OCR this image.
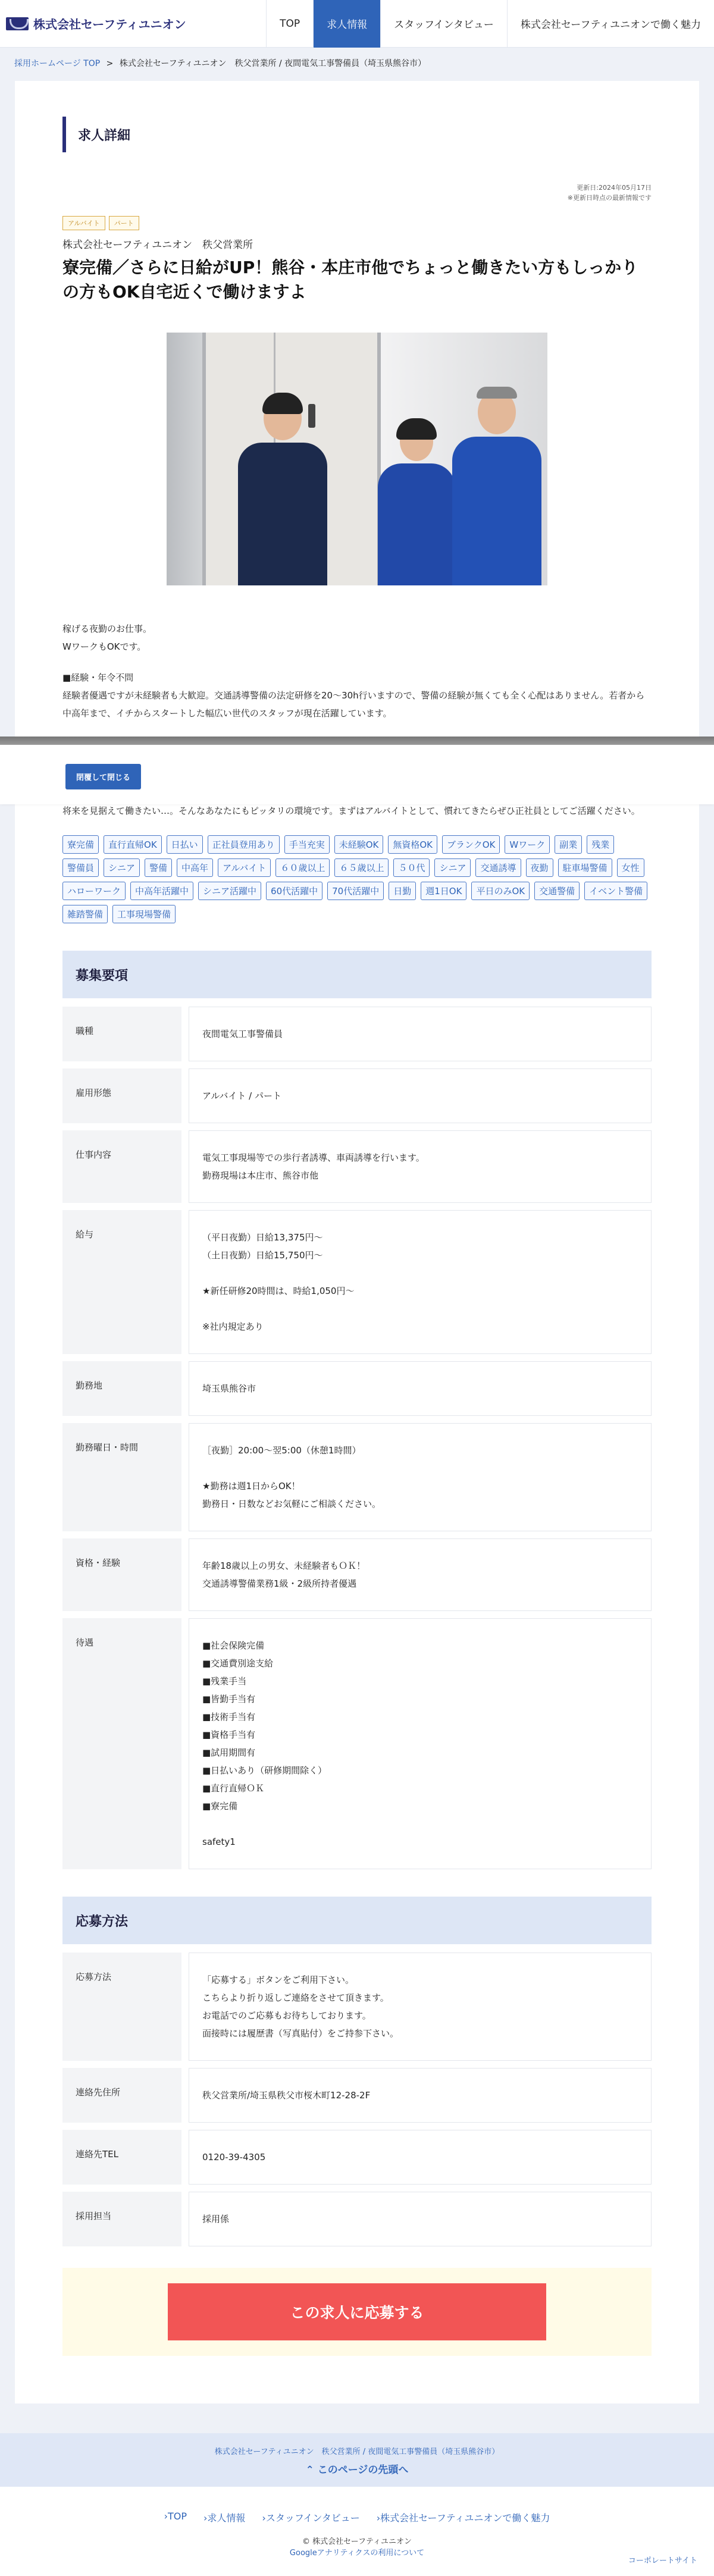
株式会社セーフティユニオン	TOP	求人情報	スタッフインタビュー	株式会社セーフティユニオンで働く魅力
採用ホームページ TOP > 株式会社セーフティユニオン　秩父営業所 / 夜間電気工事警備員（埼玉県熊谷市）
求人詳細
更新日:2024年05月17日
※更新日時点の最新情報です
アルバイト	パート
株式会社セーフティユニオン　秩父営業所
寮完備／さらに日給がUP！熊谷・本庄市他でちょっと働きたい方もしっかりの方もOK自宅近くで働けますよ

稼げる夜勤のお仕事。
WワークもOKです。

■経験・年令不問
経験者優遇ですが未経験者も大歓迎。交通誘導警備の法定研修を20～30h行いますので、警備の経験が無くても全く心配はありません。若者から中高年まで、イチからスタートした幅広い世代のスタッフが現在活躍しています。

将来を見据えて働きたい…。そんなあなたにもピッタリの環境です。まずはアルバイトとして、慣れてきたらぜひ正社員としてご活躍ください。

寮完備	直行直帰OK	日払い	正社員登用あり	手当充実	未経験OK	無資格OK	ブランクOK	Wワーク	副業	残業
警備員	シニア	警備	中高年	アルバイト	６０歳以上	６５歳以上	５０代	シニア	交通誘導	夜勤	駐車場警備	女性
ハローワーク	中高年活躍中	シニア活躍中	60代活躍中	70代活躍中	日勤	週1日OK	平日のみOK	交通警備	イベント警備
雑踏警備	工事現場警備
募集要項
職種	夜間電気工事警備員
雇用形態	アルバイト / パート
仕事内容	電気工事現場等での歩行者誘導、車両誘導を行います。
勤務現場は本庄市、熊谷市他
給与	（平日夜勤）日給13,375円～
（土日夜勤）日給15,750円～

★新任研修20時間は、時給1,050円～

※社内規定あり
勤務地	埼玉県熊谷市
勤務曜日・時間	［夜勤］20:00～翌5:00（休憩1時間）

★勤務は週1日からOK！
勤務日・日数などお気軽にご相談ください。
資格・経験	年齢18歳以上の男女、未経験者もＯＫ！
交通誘導警備業務1級・2級所持者優遇
待遇	■社会保険完備
■交通費別途支給
■残業手当
■皆勤手当有
■技術手当有
■資格手当有
■試用期間有
■日払いあり（研修期間除く）
■直行直帰ＯＫ
■寮完備

safety1
応募方法
応募方法	「応募する」ボタンをご利用下さい。
こちらより折り返しご連絡をさせて頂きます。
お電話でのご応募もお待ちしております。
面接時には履歴書（写真貼付）をご持参下さい。
連絡先住所	秩父営業所/埼玉県秩父市桜木町12-28-2F
連絡先TEL	0120-39-4305
採用担当	採用係
この求人に応募する
閉覆して閉じる
株式会社セーフティユニオン　秩父営業所 / 夜間電気工事警備員（埼玉県熊谷市）
⌃ このページの先頭へ
› TOP	› 求人情報	› スタッフインタビュー	› 株式会社セーフティユニオンで働く魅力
© 株式会社セーフティユニオン
Googleアナリティクスの利用について
コーポレートサイト
